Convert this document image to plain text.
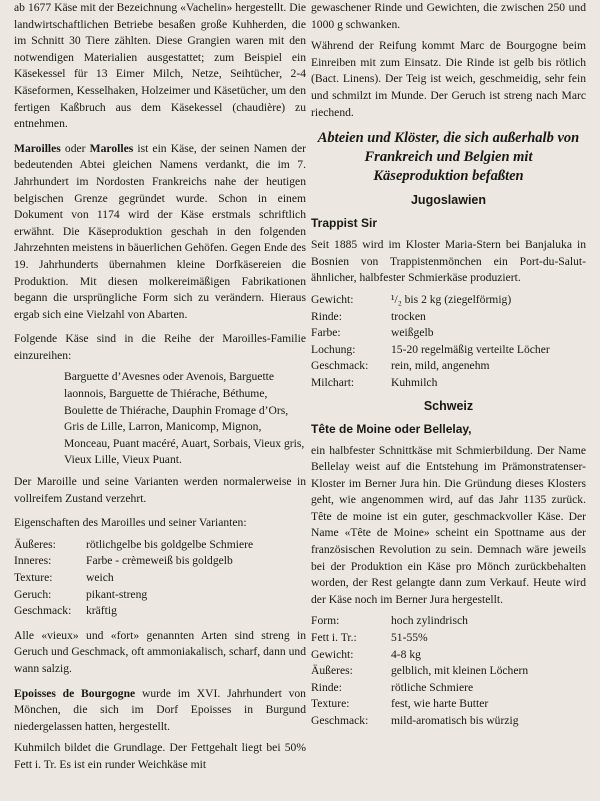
ab 1677 Käse mit der Bezeichnung «Vachelin» hergestellt. Die landwirtschaftlichen Betriebe besaßen große Kuhherden, die im Schnitt 30 Tiere zählten. Diese Grangien waren mit den notwendigen Materialien ausgestattet; zum Beispiel ein Käsekessel für 13 Eimer Milch, Netze, Seihtücher, 2-4 Käseformen, Kesselhaken, Holzeimer und Käsetücher, um den fertigen Kaßbruch aus dem Käsekessel (chaudière) zu entnehmen.

Maroilles oder Marolles ist ein Käse, der seinen Namen der bedeutenden Abtei gleichen Namens verdankt, die im 7. Jahrhundert im Nordosten Frankreichs nahe der heutigen belgischen Grenze gegründet wurde. Schon in einem Dokument von 1174 wird der Käse erstmals schriftlich erwähnt. Die Käseproduktion geschah in den folgenden Jahrzehnten meistens in bäuerlichen Gehöfen. Gegen Ende des 19. Jahrhunderts übernahmen kleine Dorfkäsereien die Produktion. Mit diesen molkereimäßigen Fabrikationen begann die ursprüngliche Form sich zu verändern. Hieraus ergab sich eine Vielzahl von Abarten.

Folgende Käse sind in die Reihe der Maroilles-Familie einzureihen:

Barguette d’Avesnes oder Avenois, Barguette laonnois, Barguette de Thiérache, Béthume, Boulette de Thiérache, Dauphin Fromage d’Ors, Gris de Lille, Larron, Manicomp, Mignon, Monceau, Puant macéré, Auart, Sorbais, Vieux gris, Vieux Lille, Vieux Puant.

Der Maroille und seine Varianten werden normalerweise in vollreifem Zustand verzehrt.

Eigenschaften des Maroilles und seiner Varianten:

Äußeres:	rötlichgelbe bis goldgelbe Schmiere
Inneres:	Farbe - crèmeweiß bis goldgelb
Texture:	weich
Geruch:	pikant-streng
Geschmack:	kräftig

Alle «vieux» und «fort» genannten Arten sind streng in Geruch und Geschmack, oft ammoniakalisch, scharf, dann und wann salzig.

Epoisses de Bourgogne wurde im XVI. Jahrhundert von Mönchen, die sich im Dorf Epoisses in Burgund niedergelassen hatten, hergestellt.

Kuhmilch bildet die Grundlage. Der Fettgehalt liegt bei 50% Fett i. Tr. Es ist ein runder Weichkäse mit

gewaschener Rinde und Gewichten, die zwischen 250 und 1000 g schwanken.

Während der Reifung kommt Marc de Bourgogne beim Einreiben mit zum Einsatz. Die Rinde ist gelb bis rötlich (Bact. Linens). Der Teig ist weich, geschmeidig, sehr fein und schmilzt im Munde. Der Geruch ist streng nach Marc riechend.

Abteien und Klöster, die sich außerhalb von Frankreich und Belgien mit Käseproduktion befaßten
Jugoslawien
Trappist Sir

Seit 1885 wird im Kloster Maria-Stern bei Banjaluka in Bosnien von Trappistenmönchen ein Port-du-Salut-ähnlicher, halbfester Schmierkäse produziert.

Gewicht:	¹/₂ bis 2 kg (ziegelförmig)
Rinde:	trocken
Farbe:	weißgelb
Lochung:	15-20 regelmäßig verteilte Löcher
Geschmack:	rein, mild, angenehm
Milchart:	Kuhmilch
Schweiz
Tête de Moine oder Bellelay,

ein halbfester Schnittkäse mit Schmierbildung. Der Name Bellelay weist auf die Entstehung im Prämonstratenser-Kloster im Berner Jura hin. Die Gründung dieses Klosters geht, wie angenommen wird, auf das Jahr 1135 zurück. Tête de moine ist ein guter, geschmackvoller Käse. Der Name «Tête de Moine» scheint ein Spottname aus der französischen Revolution zu sein. Demnach wäre jeweils bei der Produktion ein Käse pro Mönch zurückbehalten worden, der Rest gelangte dann zum Verkauf. Heute wird der Käse noch im Berner Jura hergestellt.

Form:	hoch zylindrisch
Fett i. Tr.:	51-55%
Gewicht:	4-8 kg
Äußeres:	gelblich, mit kleinen Löchern
Rinde:	rötliche Schmiere
Texture:	fest, wie harte Butter
Geschmack:	mild-aromatisch bis würzig
